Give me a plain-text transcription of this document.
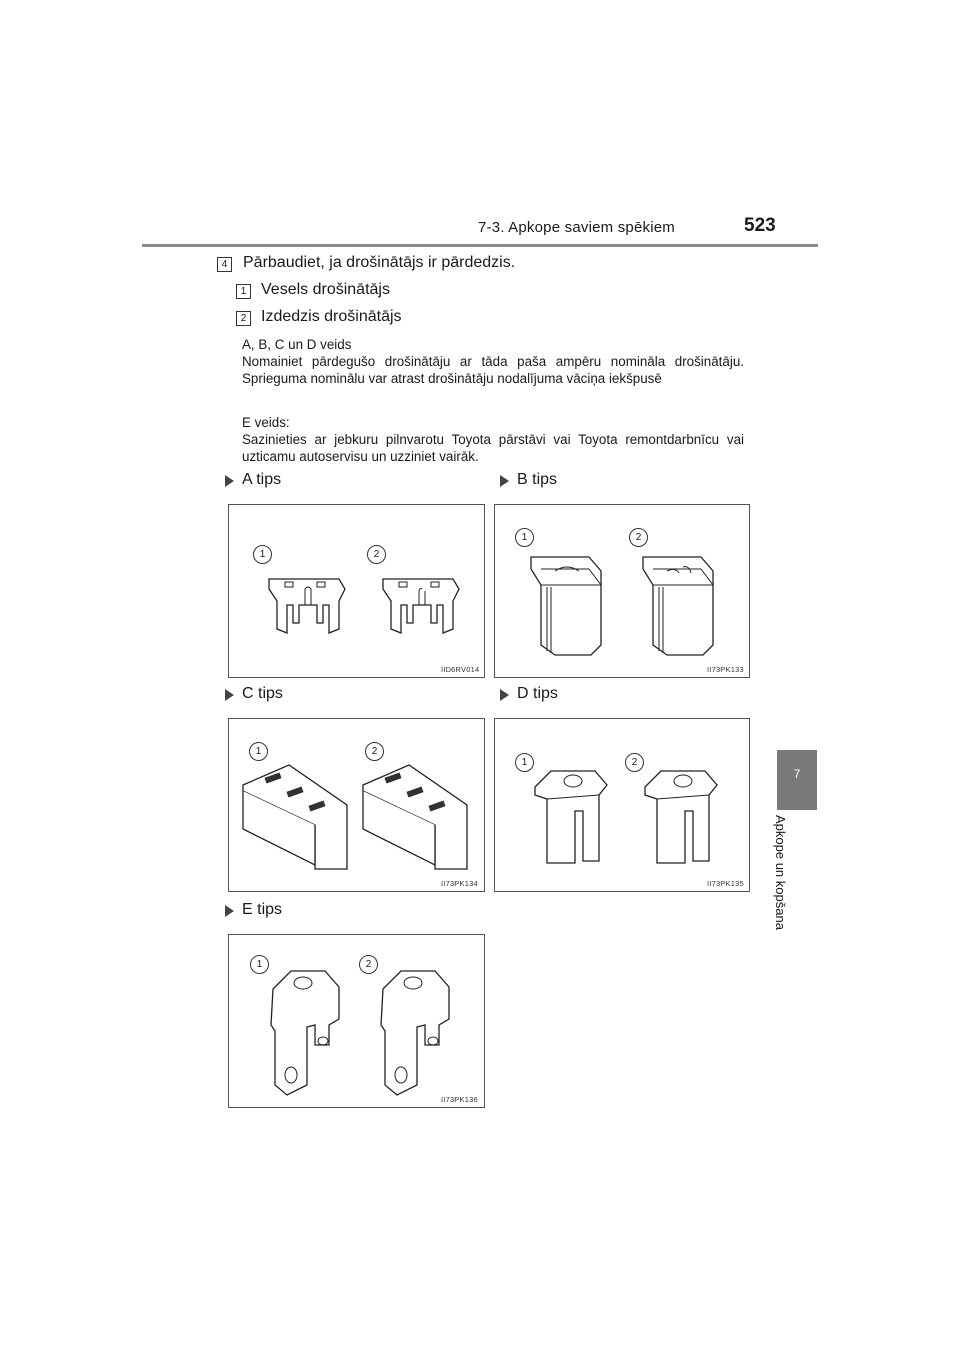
7-3. Apkope saviem spēkiem	523
7
Apkope un kopšana
4 Pārbaudiet, ja drošinātājs ir pārdedzis.
1 Vesels drošinātājs
2 Izdedzis drošinātājs
A, B, C un D veids
Nomainiet pārdegušo drošinātāju ar tāda paša ampēru nomināla drošinātāju. Sprieguma nominālu var atrast drošinātāju nodalījuma vāciņa iekšpusē
E veids:
Sazinieties ar jebkuru pilnvarotu Toyota pārstāvi vai Toyota remontdarbnīcu vai uzticamu autoservisu un uzziniet vairāk.
A tips	B tips
C tips	D tips
E tips
1	2
IID6RV014
1	2
II73PK133
1	2
II73PK134
1	2
II73PK135
1	2
II73PK136
